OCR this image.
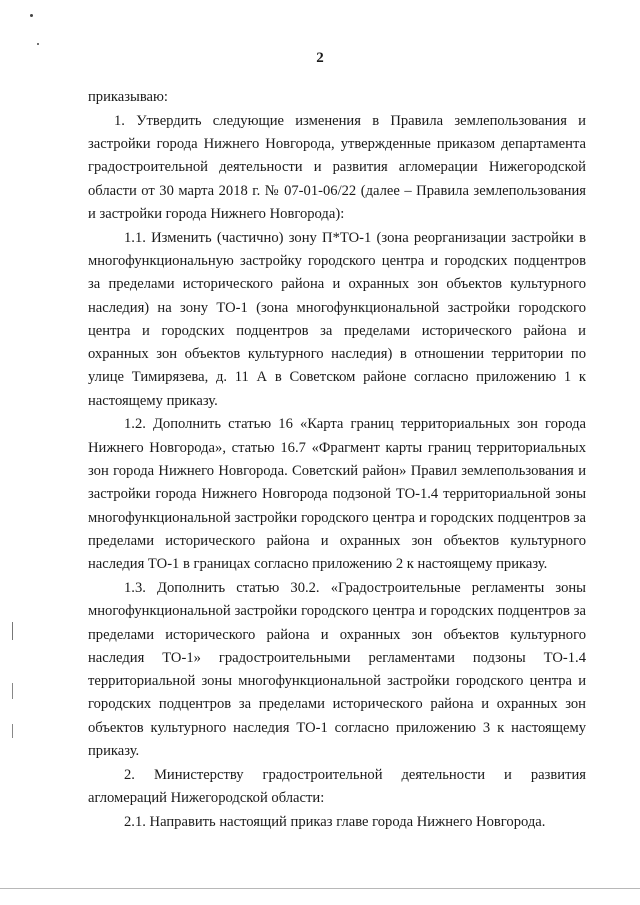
2

приказываю:

1. Утвердить следующие изменения в Правила землепользования и застройки города Нижнего Новгорода, утвержденные приказом департамента градостроительной деятельности и развития агломерации Нижегородской области от 30 марта 2018 г. № 07-01-06/22 (далее – Правила землепользования и застройки города Нижнего Новгорода):

1.1. Изменить (частично) зону П*ТО-1 (зона реорганизации застройки в многофункциональную застройку городского центра и городских подцентров за пределами исторического района и охранных зон объектов культурного наследия) на зону ТО-1 (зона многофункциональной застройки городского центра и городских подцентров за пределами исторического района и охранных зон объектов культурного наследия) в отношении территории по улице Тимирязева, д. 11 А в Советском районе согласно приложению 1 к настоящему приказу.

1.2. Дополнить статью 16 «Карта границ территориальных зон города Нижнего Новгорода», статью 16.7 «Фрагмент карты границ территориальных зон города Нижнего Новгорода. Советский район» Правил землепользования и застройки города Нижнего Новгорода подзоной ТО-1.4 территориальной зоны многофункциональной застройки городского центра и городских подцентров за пределами исторического района и охранных зон объектов культурного наследия ТО-1 в границах согласно приложению 2 к настоящему приказу.

1.3. Дополнить статью 30.2. «Градостроительные регламенты зоны многофункциональной застройки городского центра и городских подцентров за пределами исторического района и охранных зон объектов культурного наследия ТО-1» градостроительными регламентами подзоны ТО-1.4 территориальной зоны многофункциональной застройки городского центра и городских подцентров за пределами исторического района и охранных зон объектов культурного наследия ТО-1 согласно приложению 3 к настоящему приказу.

2. Министерству градостроительной деятельности и развития агломераций Нижегородской области:

2.1. Направить настоящий приказ главе города Нижнего Новгорода.
